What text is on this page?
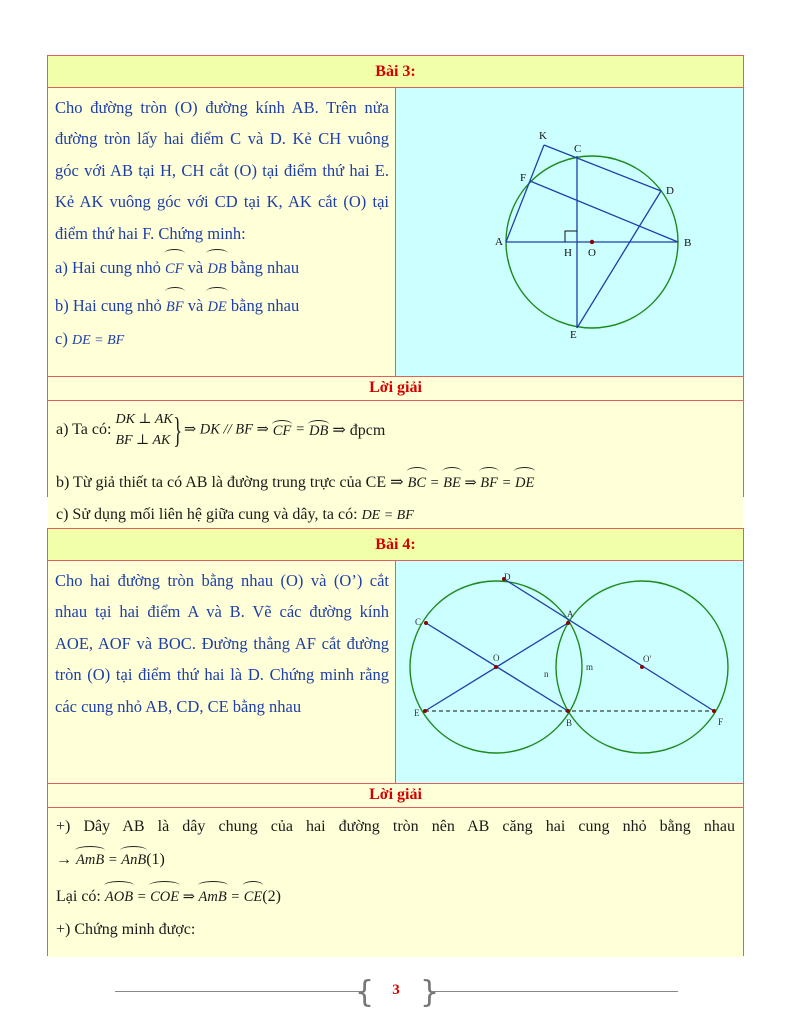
Bài 3:

Cho đường tròn (O) đường kính AB. Trên nửa đường tròn lấy hai điểm C và D. Kẻ CH vuông góc với AB tại H, CH cắt (O) tại điểm thứ hai E. Kẻ AK vuông góc với CD tại K, AK cắt (O) tại điểm thứ hai F. Chứng minh:

a) Hai cung nhỏ CF và DB bằng nhau

b) Hai cung nhỏ BF và DE bằng nhau

c) DE = BF

K
C
F
D
A	B
H O
E
Lời giải
a) Ta có: DK ⊥ AK
BF ⊥ AK } ⇒ DK // BF ⇒ CF = DB ⇒ đpcm
b) Từ giả thiết ta có AB là đường trung trực của CE ⇒ BC = BE ⇒ BF = DE
c) Sử dụng mối liên hệ giữa cung và dây, ta có: DE = BF
Bài 4:

Cho hai đường tròn bằng nhau (O) và (O’) cắt nhau tại hai điểm A và B. Vẽ các đường kính AOE, AOF và BOC. Đường thẳng AF cắt đường tròn (O) tại điểm thứ hai là D. Chứng minh rằng các cung nhỏ AB, CD, CE bằng nhau

D
C
A
O	O'
n
m
E
B	F
Lời giải
+) Dây AB là dây chung của hai đường tròn nên AB căng hai cung nhỏ bằng nhau
→ AmB = AnB(1)
Lại có: AOB = COE ⇒ AmB = CE(2)
+) Chứng minh được:
{ }
3
